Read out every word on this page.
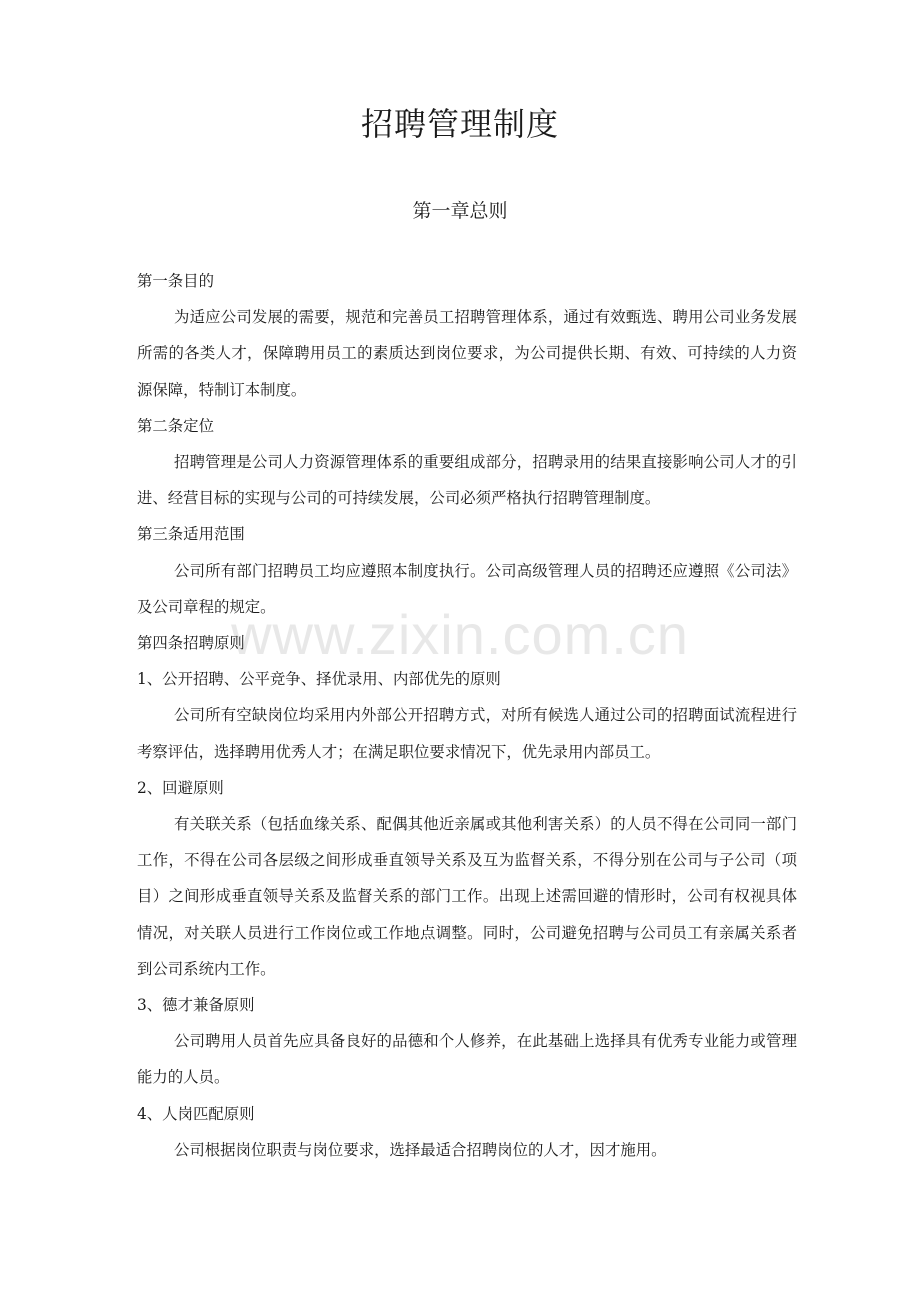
招聘管理制度
第一章总则

第一条目的

为适应公司发展的需要，规范和完善员工招聘管理体系，通过有效甄选、聘用公司业务发展所需的各类人才，保障聘用员工的素质达到岗位要求，为公司提供长期、有效、可持续的人力资源保障，特制订本制度。

第二条定位

招聘管理是公司人力资源管理体系的重要组成部分，招聘录用的结果直接影响公司人才的引进、经营目标的实现与公司的可持续发展，公司必须严格执行招聘管理制度。

第三条适用范围

公司所有部门招聘员工均应遵照本制度执行。公司高级管理人员的招聘还应遵照《公司法》及公司章程的规定。

第四条招聘原则

1、公开招聘、公平竞争、择优录用、内部优先的原则

公司所有空缺岗位均采用内外部公开招聘方式，对所有候选人通过公司的招聘面试流程进行考察评估，选择聘用优秀人才；在满足职位要求情况下，优先录用内部员工。

2、回避原则

有关联关系（包括血缘关系、配偶其他近亲属或其他利害关系）的人员不得在公司同一部门工作，不得在公司各层级之间形成垂直领导关系及互为监督关系，不得分别在公司与子公司（项目）之间形成垂直领导关系及监督关系的部门工作。出现上述需回避的情形时，公司有权视具体情况，对关联人员进行工作岗位或工作地点调整。同时，公司避免招聘与公司员工有亲属关系者到公司系统内工作。

3、德才兼备原则

公司聘用人员首先应具备良好的品德和个人修养，在此基础上选择具有优秀专业能力或管理能力的人员。

4、人岗匹配原则

公司根据岗位职责与岗位要求，选择最适合招聘岗位的人才，因才施用。

www.zixin.com.cn
